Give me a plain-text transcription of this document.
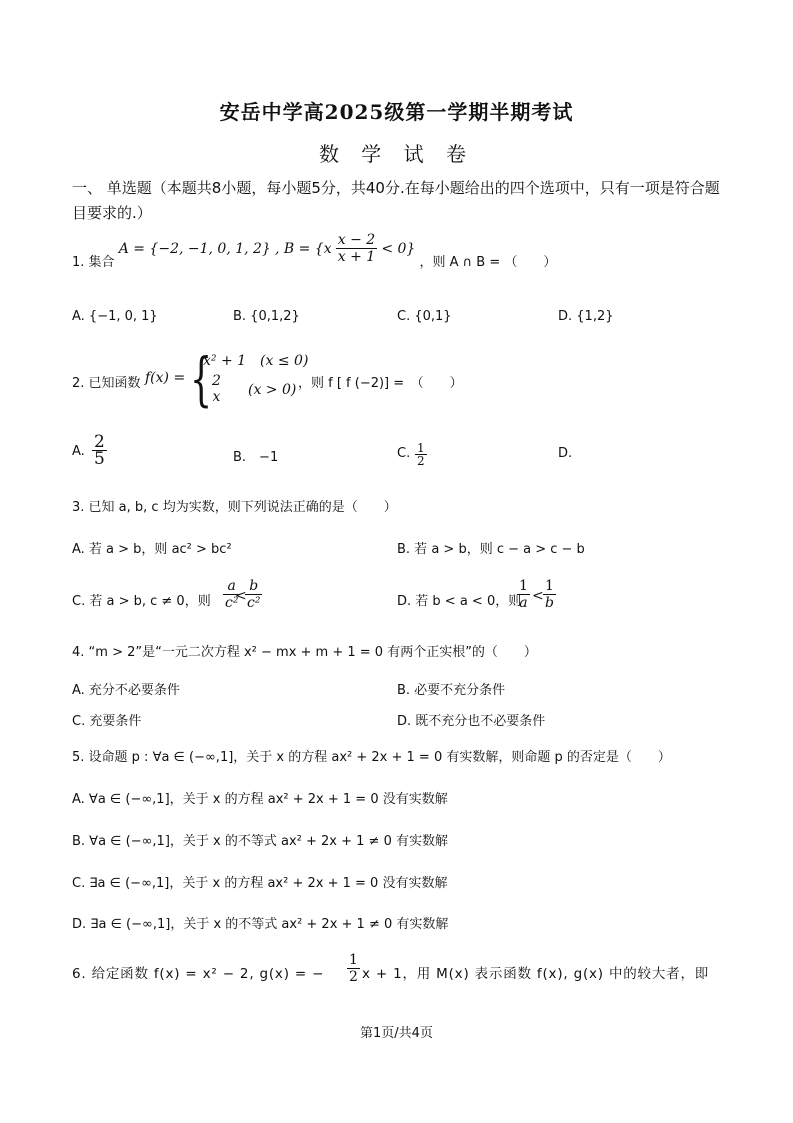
安岳中学高2025级第一学期半期考试
数 学 试 卷
一、 单选题（本题共8小题，每小题5分，共40分.在每小题给出的四个选项中，只有一项是符合题目要求的.）
1. 集合 A = {−2, −1, 0, 1, 2} , $B = \{x \frac{x - 2}{x + 1} < 0\}$ ，则 A ∩ B = （　　）
A. {−1, 0, 1}	B. {0,1,2}	C. {0,1}	D. {1,2}
2. 已知函数 f(x) = {
x² + 1　(x ≤ 0)
2
x (x > 0) ，则 f [ f (−2)] =　（　　）
A. $\frac{2}{5}$	B.　−1	C. $\frac{1}{2}$	D.
3. 已知 a, b, c 均为实数，则下列说法正确的是（　　）
A. 若 a > b，则 ac² > bc²	B. 若 a > b，则 c − a > c − b
C. 若 a > b, c ≠ 0，则 $\frac{a}{\text{c²}}$
<
$\frac{b}{\text{c²}}$	D. 若 b < a < 0，则
$\frac{1}{a} < \frac{1}{b}$
4. “m > 2”是“一元二次方程 x² − mx + m + 1 = 0 有两个正实根”的（　　）
A. 充分不必要条件	B. 必要不充分条件
C. 充要条件	D. 既不充分也不必要条件
5. 设命题 p : ∀a ∈ (−∞,1]，关于 x 的方程 ax² + 2x + 1 = 0 有实数解，则命题 p 的否定是（　　）
A. ∀a ∈ (−∞,1]，关于 x 的方程 ax² + 2x + 1 = 0 没有实数解
B. ∀a ∈ (−∞,1]，关于 x 的不等式 ax² + 2x + 1 ≠ 0 有实数解
C. ∃a ∈ (−∞,1]，关于 x 的方程 ax² + 2x + 1 = 0 没有实数解
D. ∃a ∈ (−∞,1]，关于 x 的不等式 ax² + 2x + 1 ≠ 0 有实数解
6. 给定函数 f(x) = x² − 2, g(x) = − $\frac{1}{2}$ x + 1，用 M(x) 表示函数 f(x), g(x) 中的较大者，即
第1页/共4页
